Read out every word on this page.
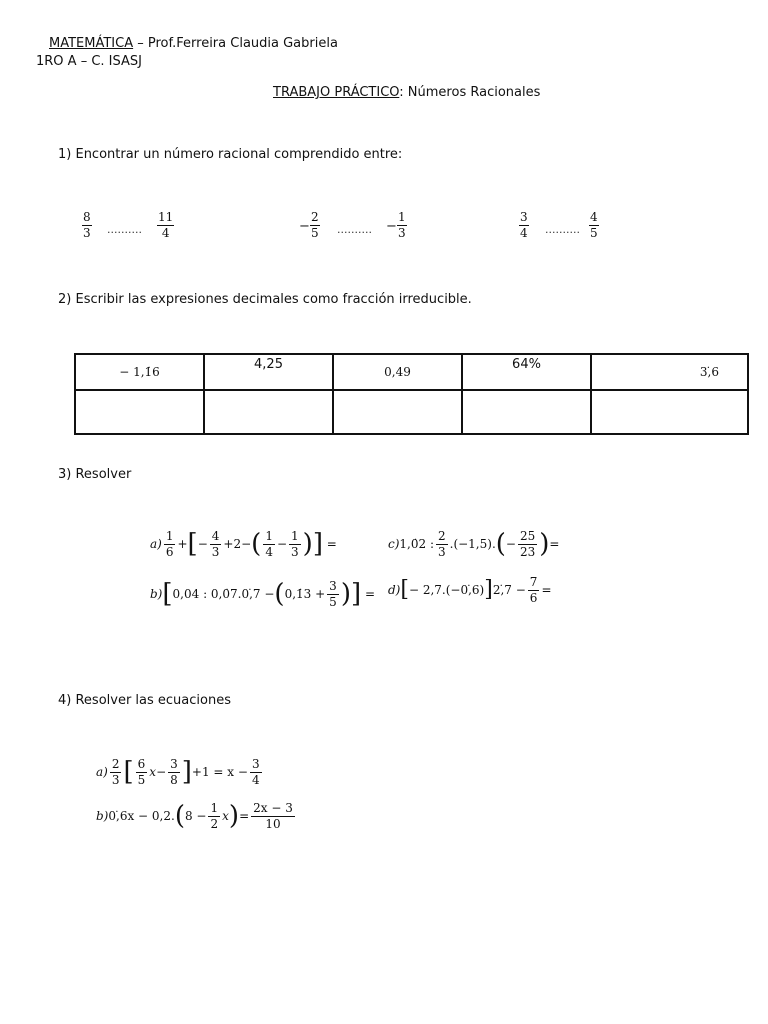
MATEMÁTICA – Prof.Ferreira Claudia Gabriela
1RO A – C. ISASJ
TRABAJO PRÁCTICO: Números Racionales
1) Encontrar un número racional comprendido entre:
8
3 ..........
11
4	−
2
5 .......... −
1
3
3
4 ..........
4
5
2) Escribir las expresiones decimales como fracción irreducible.
− 1,1̇6	4,25	0,49	64%	3,̇6

3) Resolver
$a) \frac{1}{6}$ + [ − $\frac{4}{3} + 2$ − ( $\frac{1}{4} - \frac{1}{3}$ ) ] =
b) [ 0,04 : 0,0̇7.0,̇7 − ( 0,1̇3 + $\frac{3}{5}$ ) ] =
c) 1,0̇2 : $\frac{2}{3} .(-1,5)$. ( − $\frac{25}{23}$ ) =
d) [ − 2,7.(−0,̇6) ] 2,̇7 − $\frac{7}{6}$ =
4) Resolver las ecuaciones
$a) \frac{2}{3}$ [ $\frac{6}{5}$ $x - \frac{3}{8}$ ] $+1 = x - \frac{3}{4}$
b) 0,̇6x − 0,2. ( $8 - \frac{1}{2}$ x ) = $\frac{2x - 3}{10}$
